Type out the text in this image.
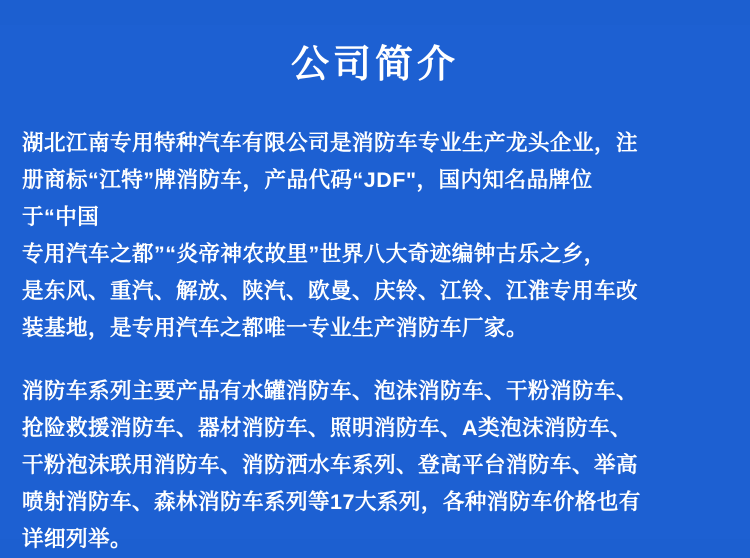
公司简介

湖北江南专用特种汽车有限公司是消防车专业生产龙头企业，注
册商标“江特”牌消防车，产品代码“JDF"，国内知名品牌位
于“中国
专用汽车之都”“炎帝神农故里”世界八大奇迹编钟古乐之乡，
是东风、重汽、解放、陕汽、欧曼、庆铃、江铃、江淮专用车改
装基地，是专用汽车之都唯一专业生产消防车厂家。

消防车系列主要产品有水罐消防车、泡沫消防车、干粉消防车、
抢险救援消防车、器材消防车、照明消防车、A类泡沫消防车、
干粉泡沫联用消防车、消防洒水车系列、登高平台消防车、举高
喷射消防车、森林消防车系列等17大系列，各种消防车价格也有
详细列举。
